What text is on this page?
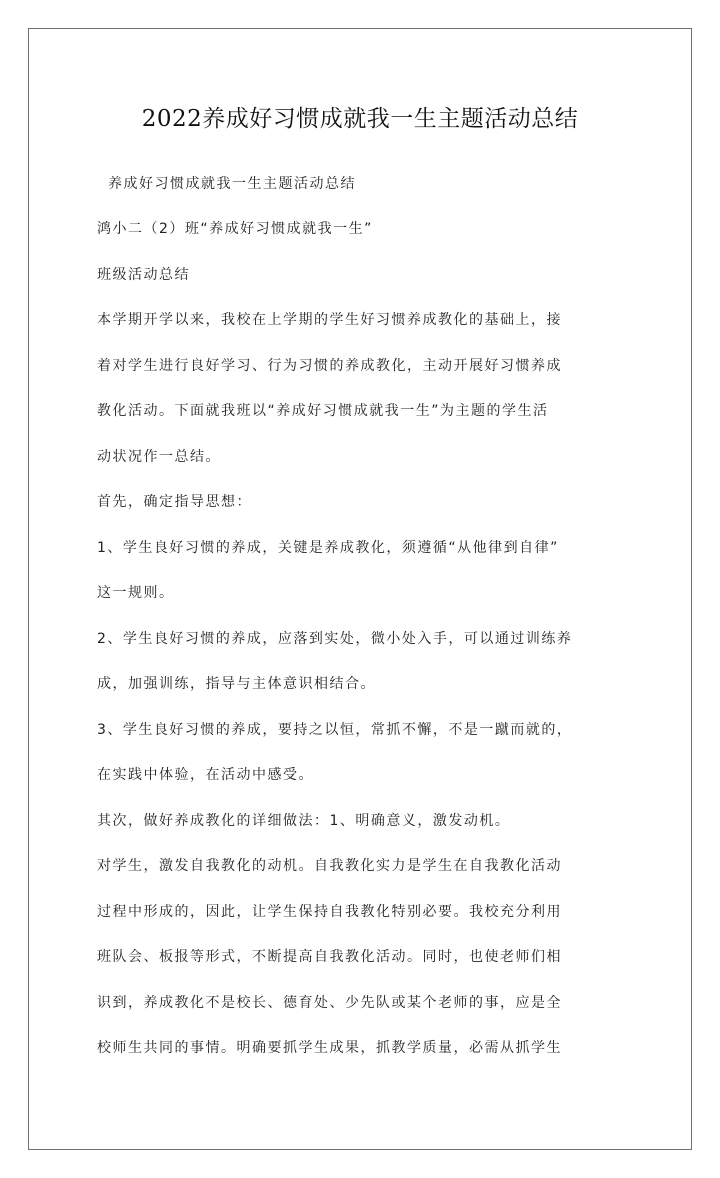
2022养成好习惯成就我一生主题活动总结

养成好习惯成就我一生主题活动总结

鸿小二（2）班“养成好习惯成就我一生”

班级活动总结

本学期开学以来，我校在上学期的学生好习惯养成教化的基础上，接

着对学生进行良好学习、行为习惯的养成教化，主动开展好习惯养成

教化活动。下面就我班以“养成好习惯成就我一生”为主题的学生活

动状况作一总结。

首先，确定指导思想：

1、学生良好习惯的养成，关键是养成教化，须遵循“从他律到自律”

这一规则。

2、学生良好习惯的养成，应落到实处，微小处入手，可以通过训练养

成，加强训练，指导与主体意识相结合。

3、学生良好习惯的养成，要持之以恒，常抓不懈，不是一蹴而就的，

在实践中体验，在活动中感受。

其次，做好养成教化的详细做法：1、明确意义，激发动机。

对学生，激发自我教化的动机。自我教化实力是学生在自我教化活动

过程中形成的，因此，让学生保持自我教化特别必要。我校充分利用

班队会、板报等形式，不断提高自我教化活动。同时，也使老师们相

识到，养成教化不是校长、德育处、少先队或某个老师的事，应是全

校师生共同的事情。明确要抓学生成果，抓教学质量，必需从抓学生
